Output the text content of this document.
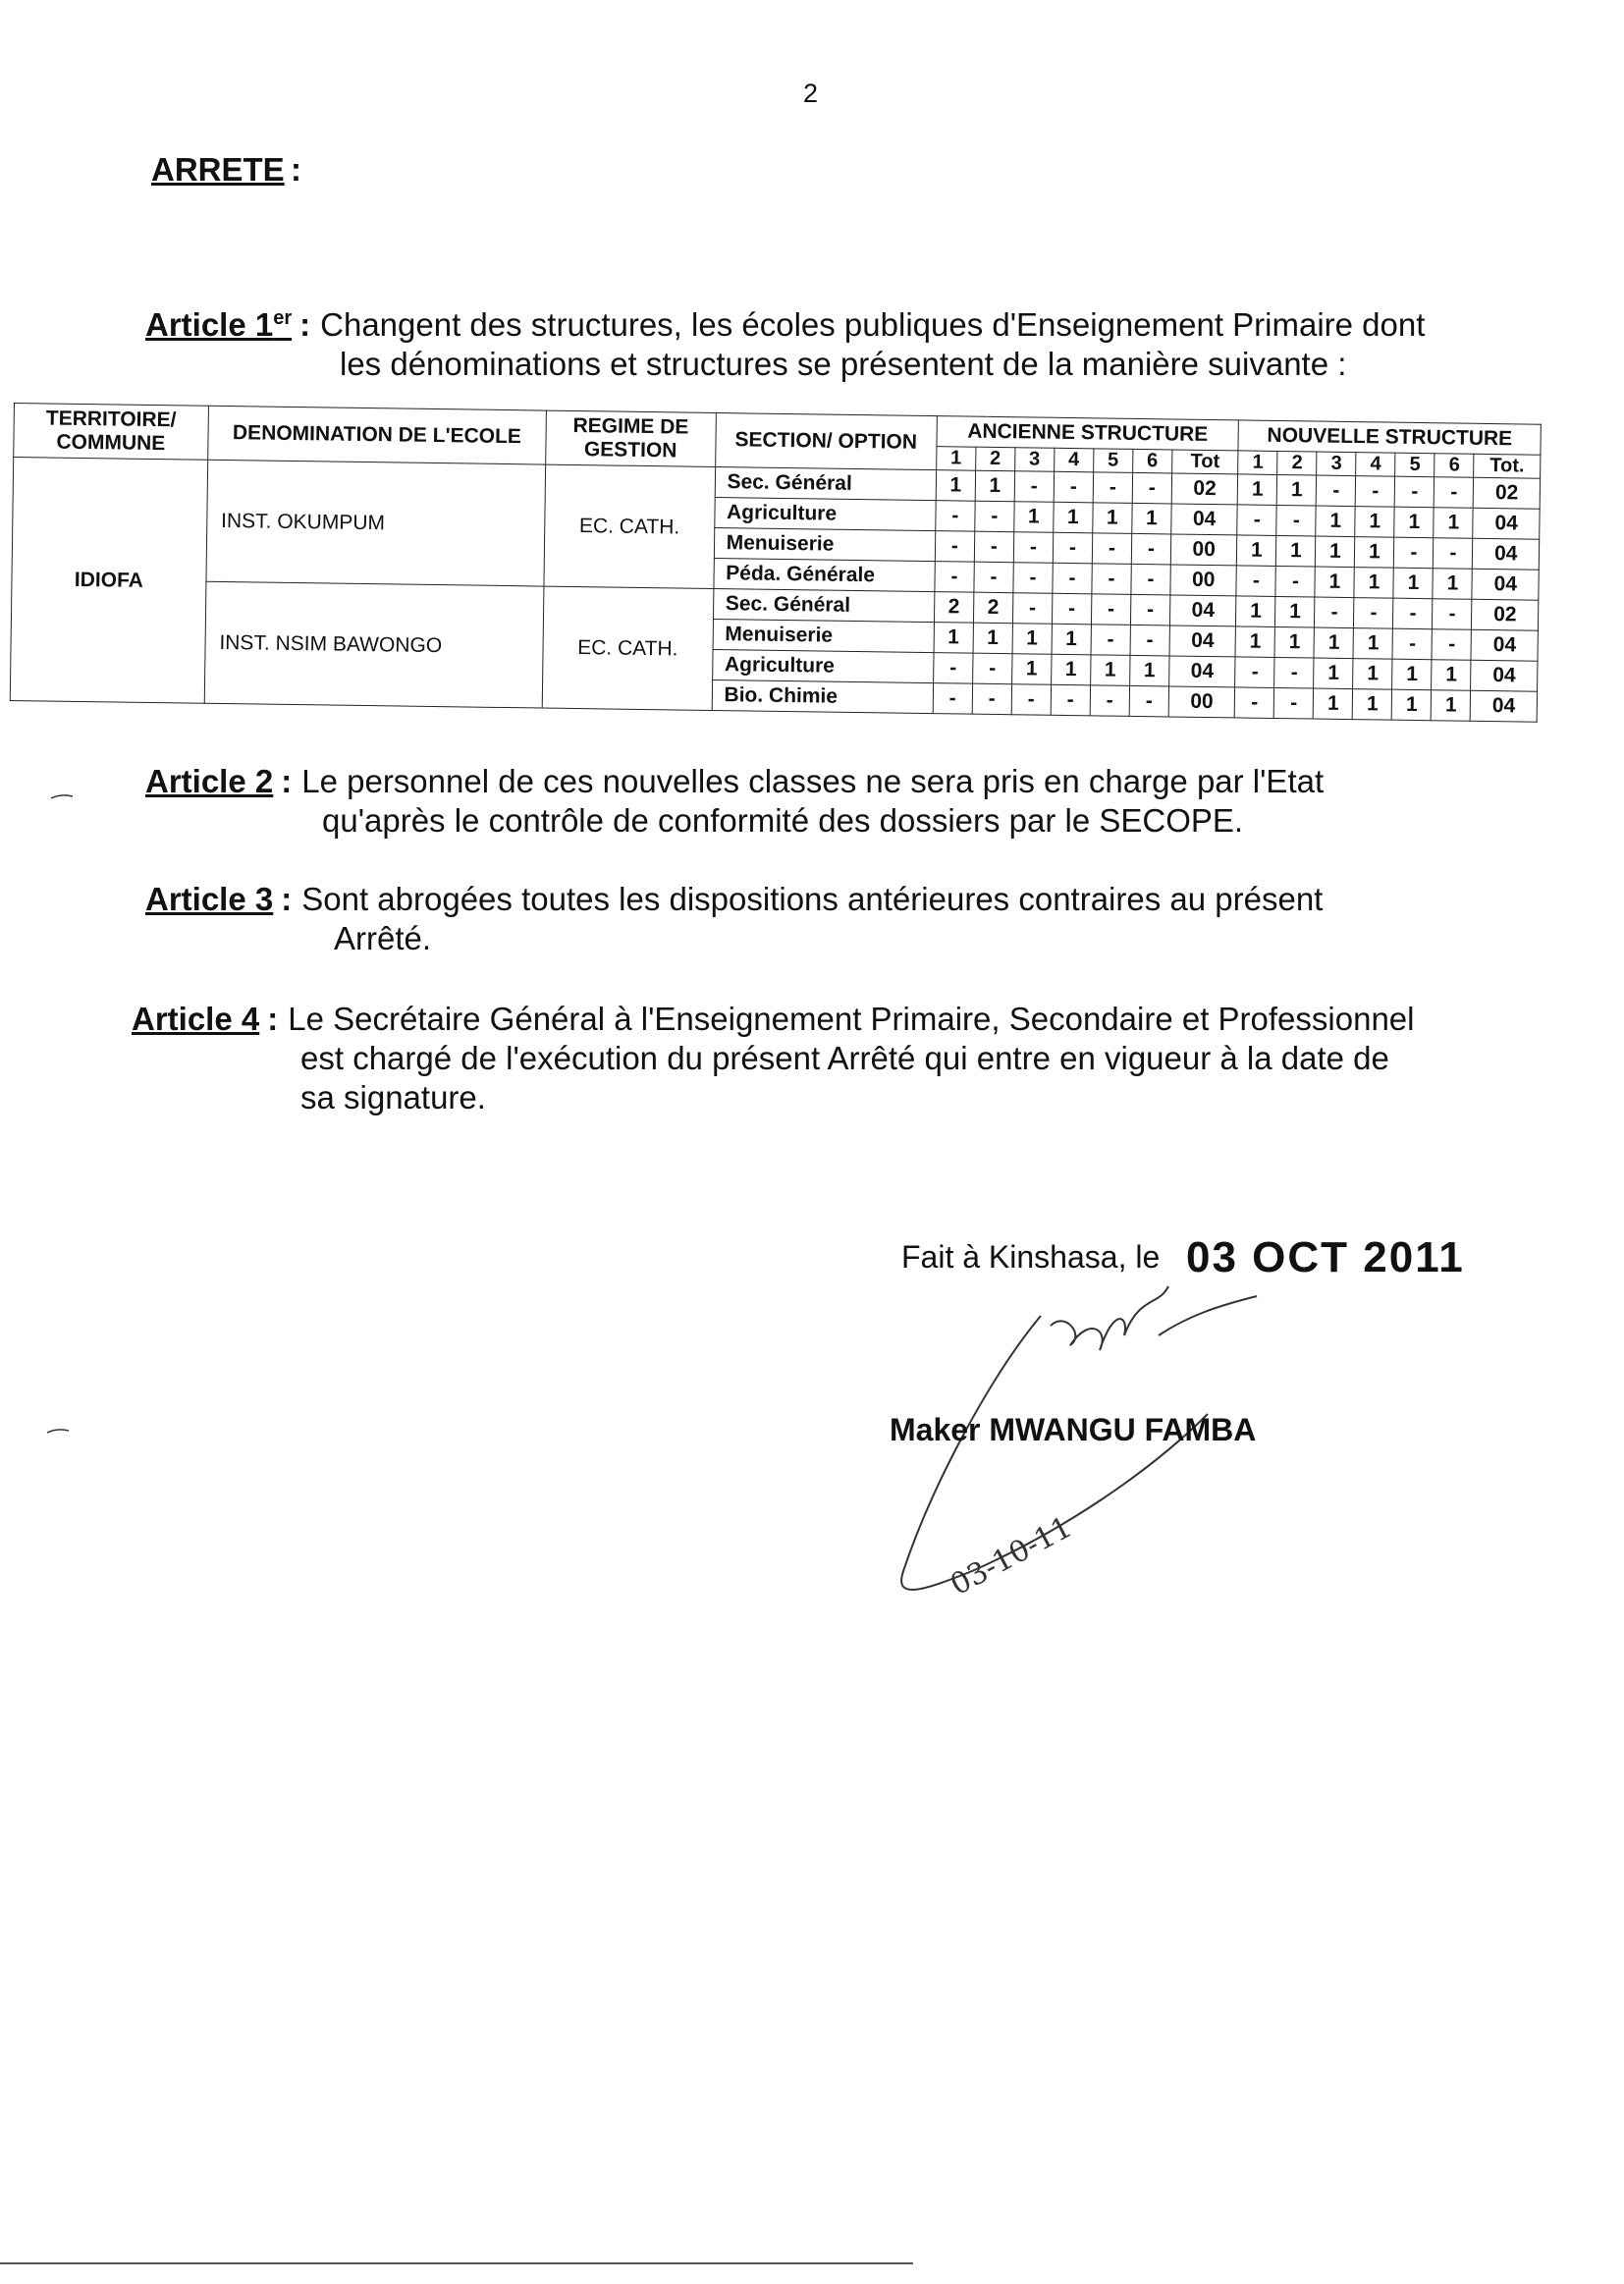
2
ARRETE :
Article 1er : Changent des structures, les écoles publiques d'Enseignement Primaire dont
les dénominations et structures se présentent de la manière suivante :
TERRITOIRE/ COMMUNE	DENOMINATION DE L'ECOLE	REGIME DE GESTION	SECTION/ OPTION	ANCIENNE STRUCTURE							NOUVELLE STRUCTURE						
				1	2	3	4	5	6	Tot	1	2	3	4	5	6	Tot.
IDIOFA	INST. OKUMPUM	EC. CATH.	Sec. Général	1	1	-	-	-	-	02	1	1	-	-	-	-	02
			Agriculture	-	-	1	1	1	1	04	-	-	1	1	1	1	04
			Menuiserie	-	-	-	-	-	-	00	1	1	1	1	-	-	04
			Péda. Générale	-	-	-	-	-	-	00	-	-	1	1	1	1	04
	INST. NSIM BAWONGO	EC. CATH.	Sec. Général	2	2	-	-	-	-	04	1	1	-	-	-	-	02
			Menuiserie	1	1	1	1	-	-	04	1	1	1	1	-	-	04
			Agriculture	-	-	1	1	1	1	04	-	-	1	1	1	1	04
			Bio. Chimie	-	-	-	-	-	-	00	-	-	1	1	1	1	04
Article 2 : Le personnel de ces nouvelles classes ne sera pris en charge par l'Etat
qu'après le contrôle de conformité des dossiers par le SECOPE.
Article 3 : Sont abrogées toutes les dispositions antérieures contraires au présent
Arrêté.
Article 4 : Le Secrétaire Général à l'Enseignement Primaire, Secondaire et Professionnel
est chargé de l'exécution du présent Arrêté qui entre en vigueur à la date de
sa signature.
Fait à Kinshasa, le 03 OCT 2011
03-10-11
Maker MWANGU FAMBA
